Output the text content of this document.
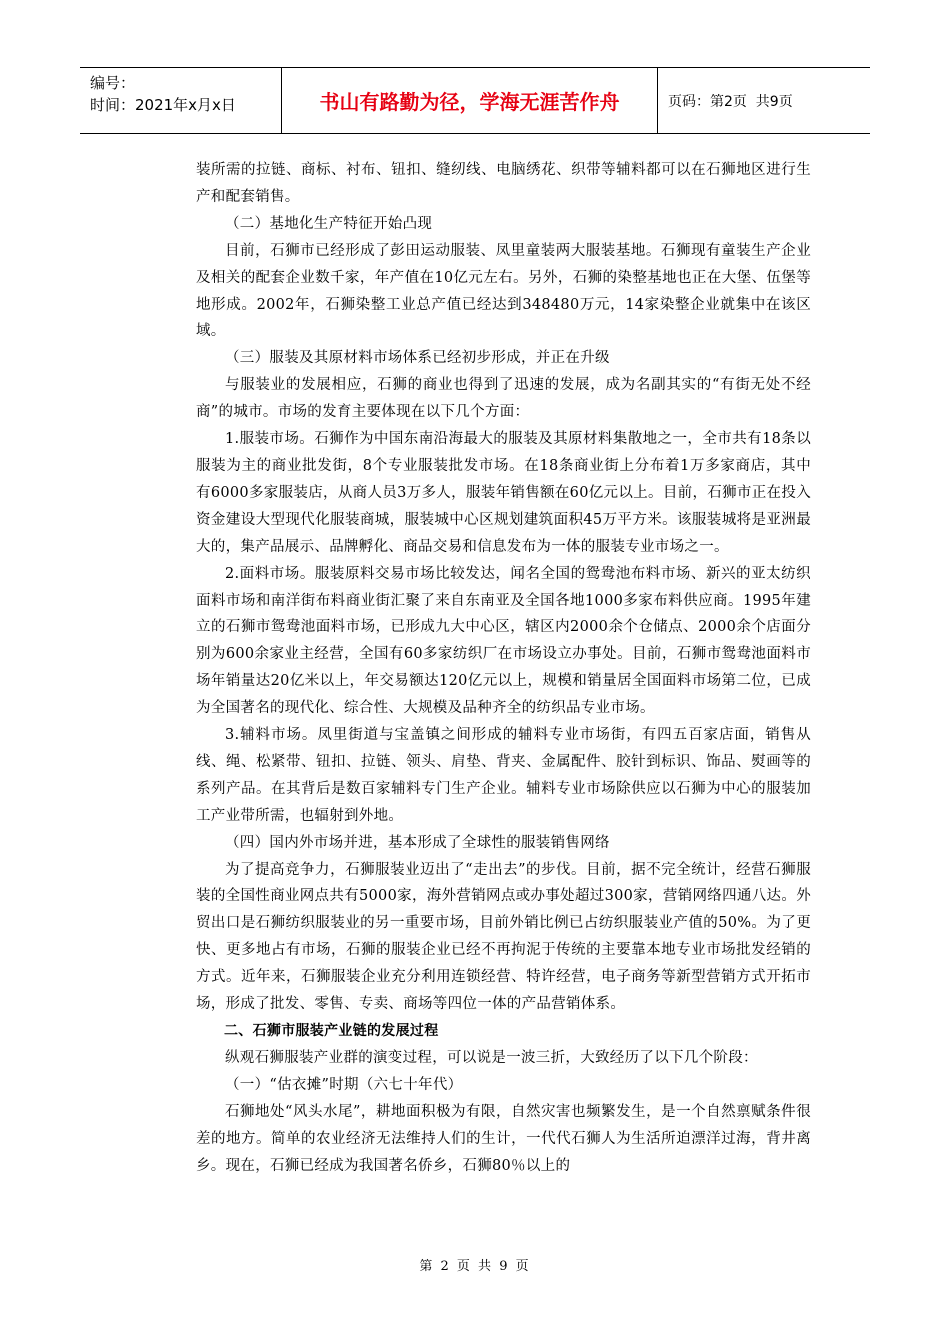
编号：
时间：2021年x月x日	书山有路勤为径，学海无涯苦作舟	页码：第2页  共9页

装所需的拉链、商标、衬布、钮扣、缝纫线、电脑绣花、织带等辅料都可以在石狮地区进行生产和配套销售。

（二）基地化生产特征开始凸现

目前，石狮市已经形成了彭田运动服装、凤里童装两大服装基地。石狮现有童装生产企业及相关的配套企业数千家，年产值在10亿元左右。另外，石狮的染整基地也正在大堡、伍堡等地形成。2002年，石狮染整工业总产值已经达到348480万元，14家染整企业就集中在该区域。

（三）服装及其原材料市场体系已经初步形成，并正在升级

与服装业的发展相应，石狮的商业也得到了迅速的发展，成为名副其实的“有街无处不经商”的城市。市场的发育主要体现在以下几个方面：

1.服装市场。石狮作为中国东南沿海最大的服装及其原材料集散地之一，全市共有18条以服装为主的商业批发街，8个专业服装批发市场。在18条商业街上分布着1万多家商店，其中有6000多家服装店，从商人员3万多人，服装年销售额在60亿元以上。目前，石狮市正在投入资金建设大型现代化服装商城，服装城中心区规划建筑面积45万平方米。该服装城将是亚洲最大的，集产品展示、品牌孵化、商品交易和信息发布为一体的服装专业市场之一。

2.面料市场。服装原料交易市场比较发达，闻名全国的鸳鸯池布料市场、新兴的亚太纺织面料市场和南洋街布料商业街汇聚了来自东南亚及全国各地1000多家布料供应商。1995年建立的石狮市鸳鸯池面料市场，已形成九大中心区，辖区内2000余个仓储点、2000余个店面分别为600余家业主经营，全国有60多家纺织厂在市场设立办事处。目前，石狮市鸳鸯池面料市场年销量达20亿米以上，年交易额达120亿元以上，规模和销量居全国面料市场第二位，已成为全国著名的现代化、综合性、大规模及品种齐全的纺织品专业市场。

3.辅料市场。凤里街道与宝盖镇之间形成的辅料专业市场街，有四五百家店面，销售从线、绳、松紧带、钮扣、拉链、领头、肩垫、背夹、金属配件、胶针到标识、饰品、熨画等的系列产品。在其背后是数百家辅料专门生产企业。辅料专业市场除供应以石狮为中心的服装加工产业带所需，也辐射到外地。

（四）国内外市场并进，基本形成了全球性的服装销售网络

为了提高竞争力，石狮服装业迈出了“走出去”的步伐。目前，据不完全统计，经营石狮服装的全国性商业网点共有5000家，海外营销网点或办事处超过300家，营销网络四通八达。外贸出口是石狮纺织服装业的另一重要市场，目前外销比例已占纺织服装业产值的50%。为了更快、更多地占有市场，石狮的服装企业已经不再拘泥于传统的主要靠本地专业市场批发经销的方式。近年来，石狮服装企业充分利用连锁经营、特许经营，电子商务等新型营销方式开拓市场，形成了批发、零售、专卖、商场等四位一体的产品营销体系。

二、石狮市服装产业链的发展过程

纵观石狮服装产业群的演变过程，可以说是一波三折，大致经历了以下几个阶段：

（一）“估衣摊”时期（六七十年代）

石狮地处“风头水尾”，耕地面积极为有限，自然灾害也频繁发生，是一个自然禀赋条件很差的地方。简单的农业经济无法维持人们的生计，一代代石狮人为生活所迫漂洋过海，背井离乡。现在，石狮已经成为我国著名侨乡，石狮80％以上的

第 2 页 共 9 页
